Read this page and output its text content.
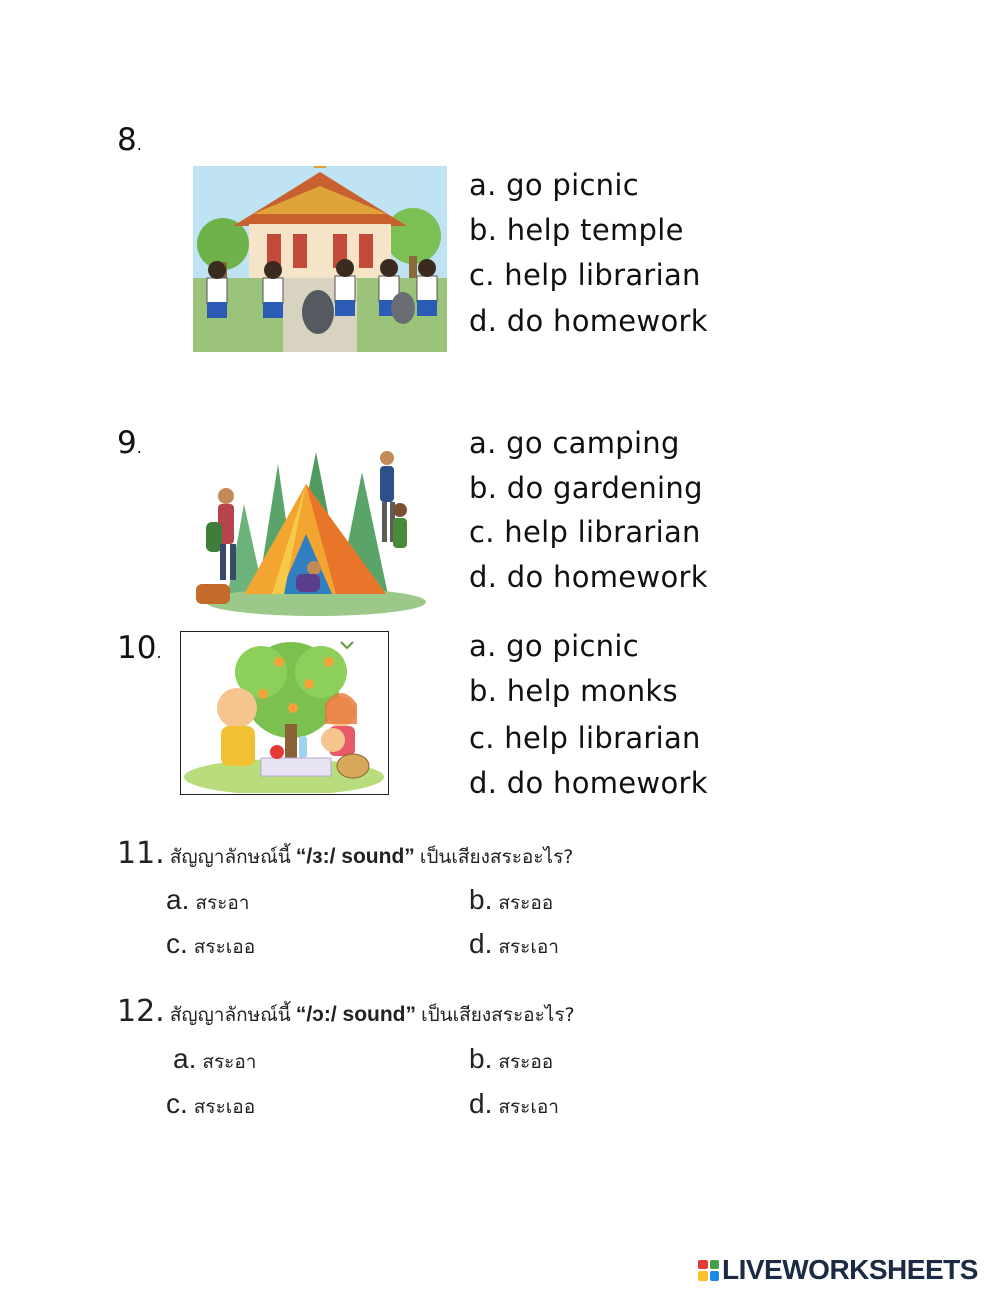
8.
a. go picnic
b. help temple
c. help librarian
d. do homework
9.	a. go camping
b. do gardening
c. help librarian
d. do homework
10.	a. go picnic
b. help monks
c. help librarian
d. do homework
11. สัญญาลักษณ์นี้ “/ɜ:/ sound” เป็นเสียงสระอะไร?
a. สระอา	b. สระออ
c. สระเออ	d. สระเอา
12. สัญญาลักษณ์นี้ “/ɔ:/ sound” เป็นเสียงสระอะไร?
a. สระอา	b. สระออ
c. สระเออ	d. สระเอา
LIVEWORKSHEETS
